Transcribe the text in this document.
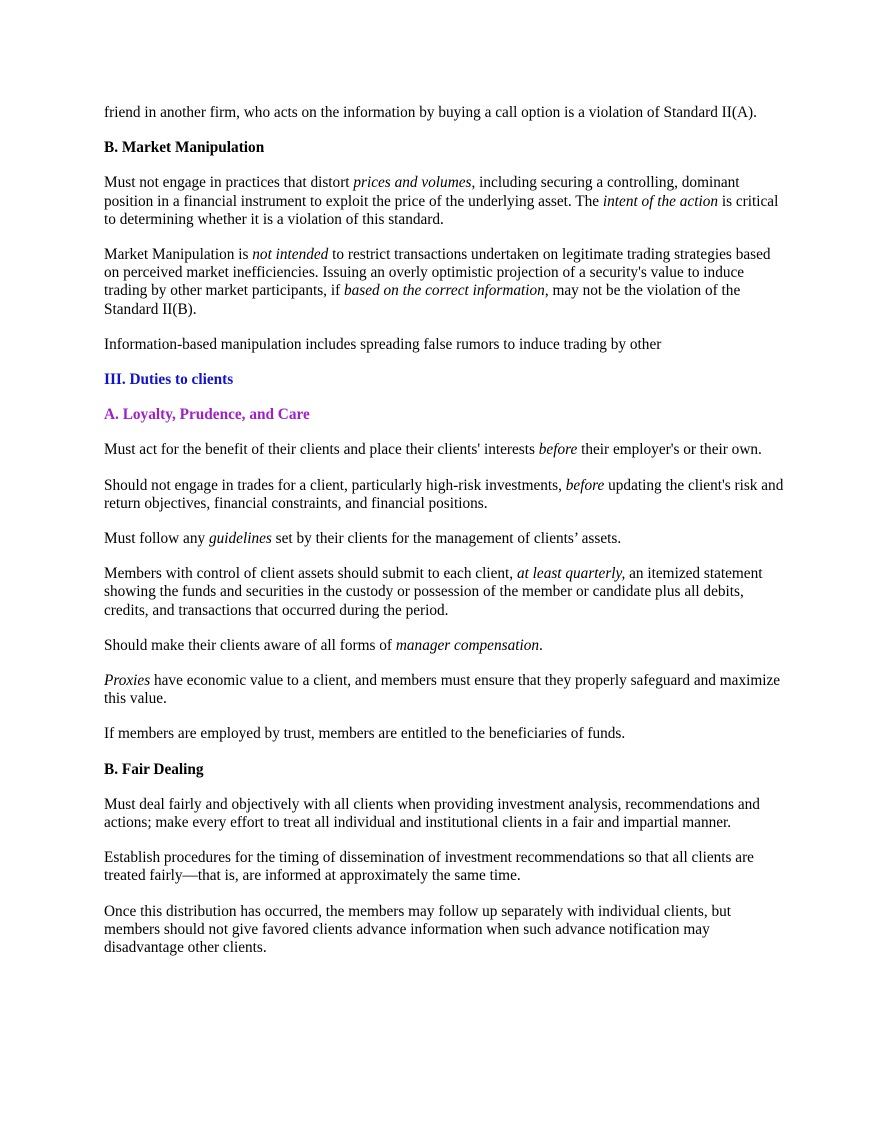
friend in another firm, who acts on the information by buying a call option is a violation of Standard II(A).

B. Market Manipulation

Must not engage in practices that distort prices and volumes, including securing a controlling, dominant position in a financial instrument to exploit the price of the underlying asset. The intent of the action is critical to determining whether it is a violation of this standard.

Market Manipulation is not intended to restrict transactions undertaken on legitimate trading strategies based on perceived market inefficiencies. Issuing an overly optimistic projection of a security's value to induce trading by other market participants, if based on the correct information, may not be the violation of the Standard II(B).

Information-based manipulation includes spreading false rumors to induce trading by other

III. Duties to clients

A. Loyalty, Prudence, and Care

Must act for the benefit of their clients and place their clients' interests before their employer's or their own.

Should not engage in trades for a client, particularly high-risk investments, before updating the client's risk and return objectives, financial constraints, and financial positions.

Must follow any guidelines set by their clients for the management of clients’ assets.

Members with control of client assets should submit to each client, at least quarterly, an itemized statement showing the funds and securities in the custody or possession of the member or candidate plus all debits, credits, and transactions that occurred during the period.

Should make their clients aware of all forms of manager compensation.

Proxies have economic value to a client, and members must ensure that they properly safeguard and maximize this value.

If members are employed by trust, members are entitled to the beneficiaries of funds.

B. Fair Dealing

Must deal fairly and objectively with all clients when providing investment analysis, recommendations and actions; make every effort to treat all individual and institutional clients in a fair and impartial manner.

Establish procedures for the timing of dissemination of investment recommendations so that all clients are treated fairly—that is, are informed at approximately the same time.

Once this distribution has occurred, the members may follow up separately with individual clients, but members should not give favored clients advance information when such advance notification may disadvantage other clients.
